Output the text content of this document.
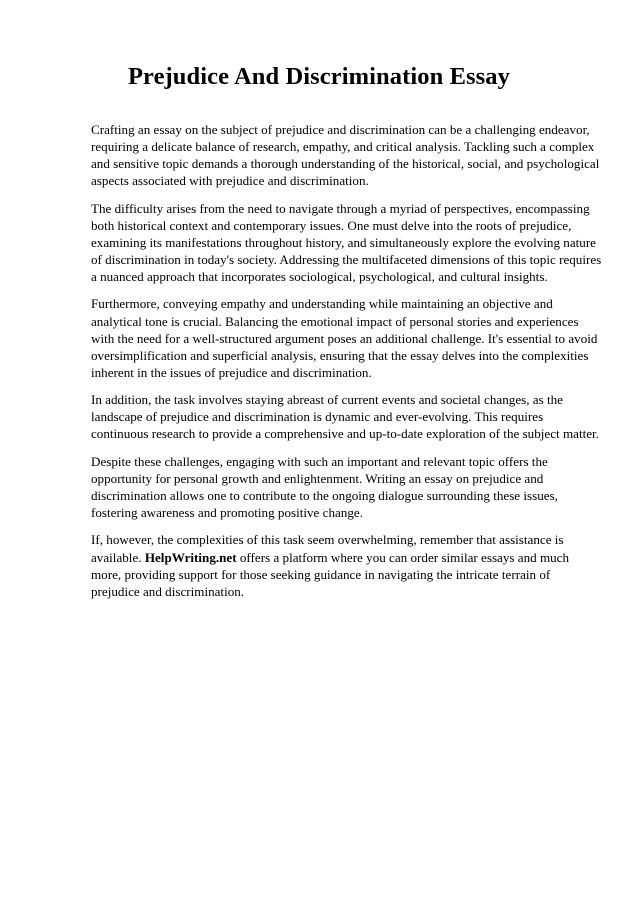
Prejudice And Discrimination Essay

Crafting an essay on the subject of prejudice and discrimination can be a challenging endeavor,
requiring a delicate balance of research, empathy, and critical analysis. Tackling such a complex
and sensitive topic demands a thorough understanding of the historical, social, and psychological
aspects associated with prejudice and discrimination.

The difficulty arises from the need to navigate through a myriad of perspectives, encompassing
both historical context and contemporary issues. One must delve into the roots of prejudice,
examining its manifestations throughout history, and simultaneously explore the evolving nature
of discrimination in today's society. Addressing the multifaceted dimensions of this topic requires
a nuanced approach that incorporates sociological, psychological, and cultural insights.

Furthermore, conveying empathy and understanding while maintaining an objective and
analytical tone is crucial. Balancing the emotional impact of personal stories and experiences
with the need for a well-structured argument poses an additional challenge. It's essential to avoid
oversimplification and superficial analysis, ensuring that the essay delves into the complexities
inherent in the issues of prejudice and discrimination.

In addition, the task involves staying abreast of current events and societal changes, as the
landscape of prejudice and discrimination is dynamic and ever-evolving. This requires
continuous research to provide a comprehensive and up-to-date exploration of the subject matter.

Despite these challenges, engaging with such an important and relevant topic offers the
opportunity for personal growth and enlightenment. Writing an essay on prejudice and
discrimination allows one to contribute to the ongoing dialogue surrounding these issues,
fostering awareness and promoting positive change.

If, however, the complexities of this task seem overwhelming, remember that assistance is
available. HelpWriting.net offers a platform where you can order similar essays and much
more, providing support for those seeking guidance in navigating the intricate terrain of
prejudice and discrimination.
